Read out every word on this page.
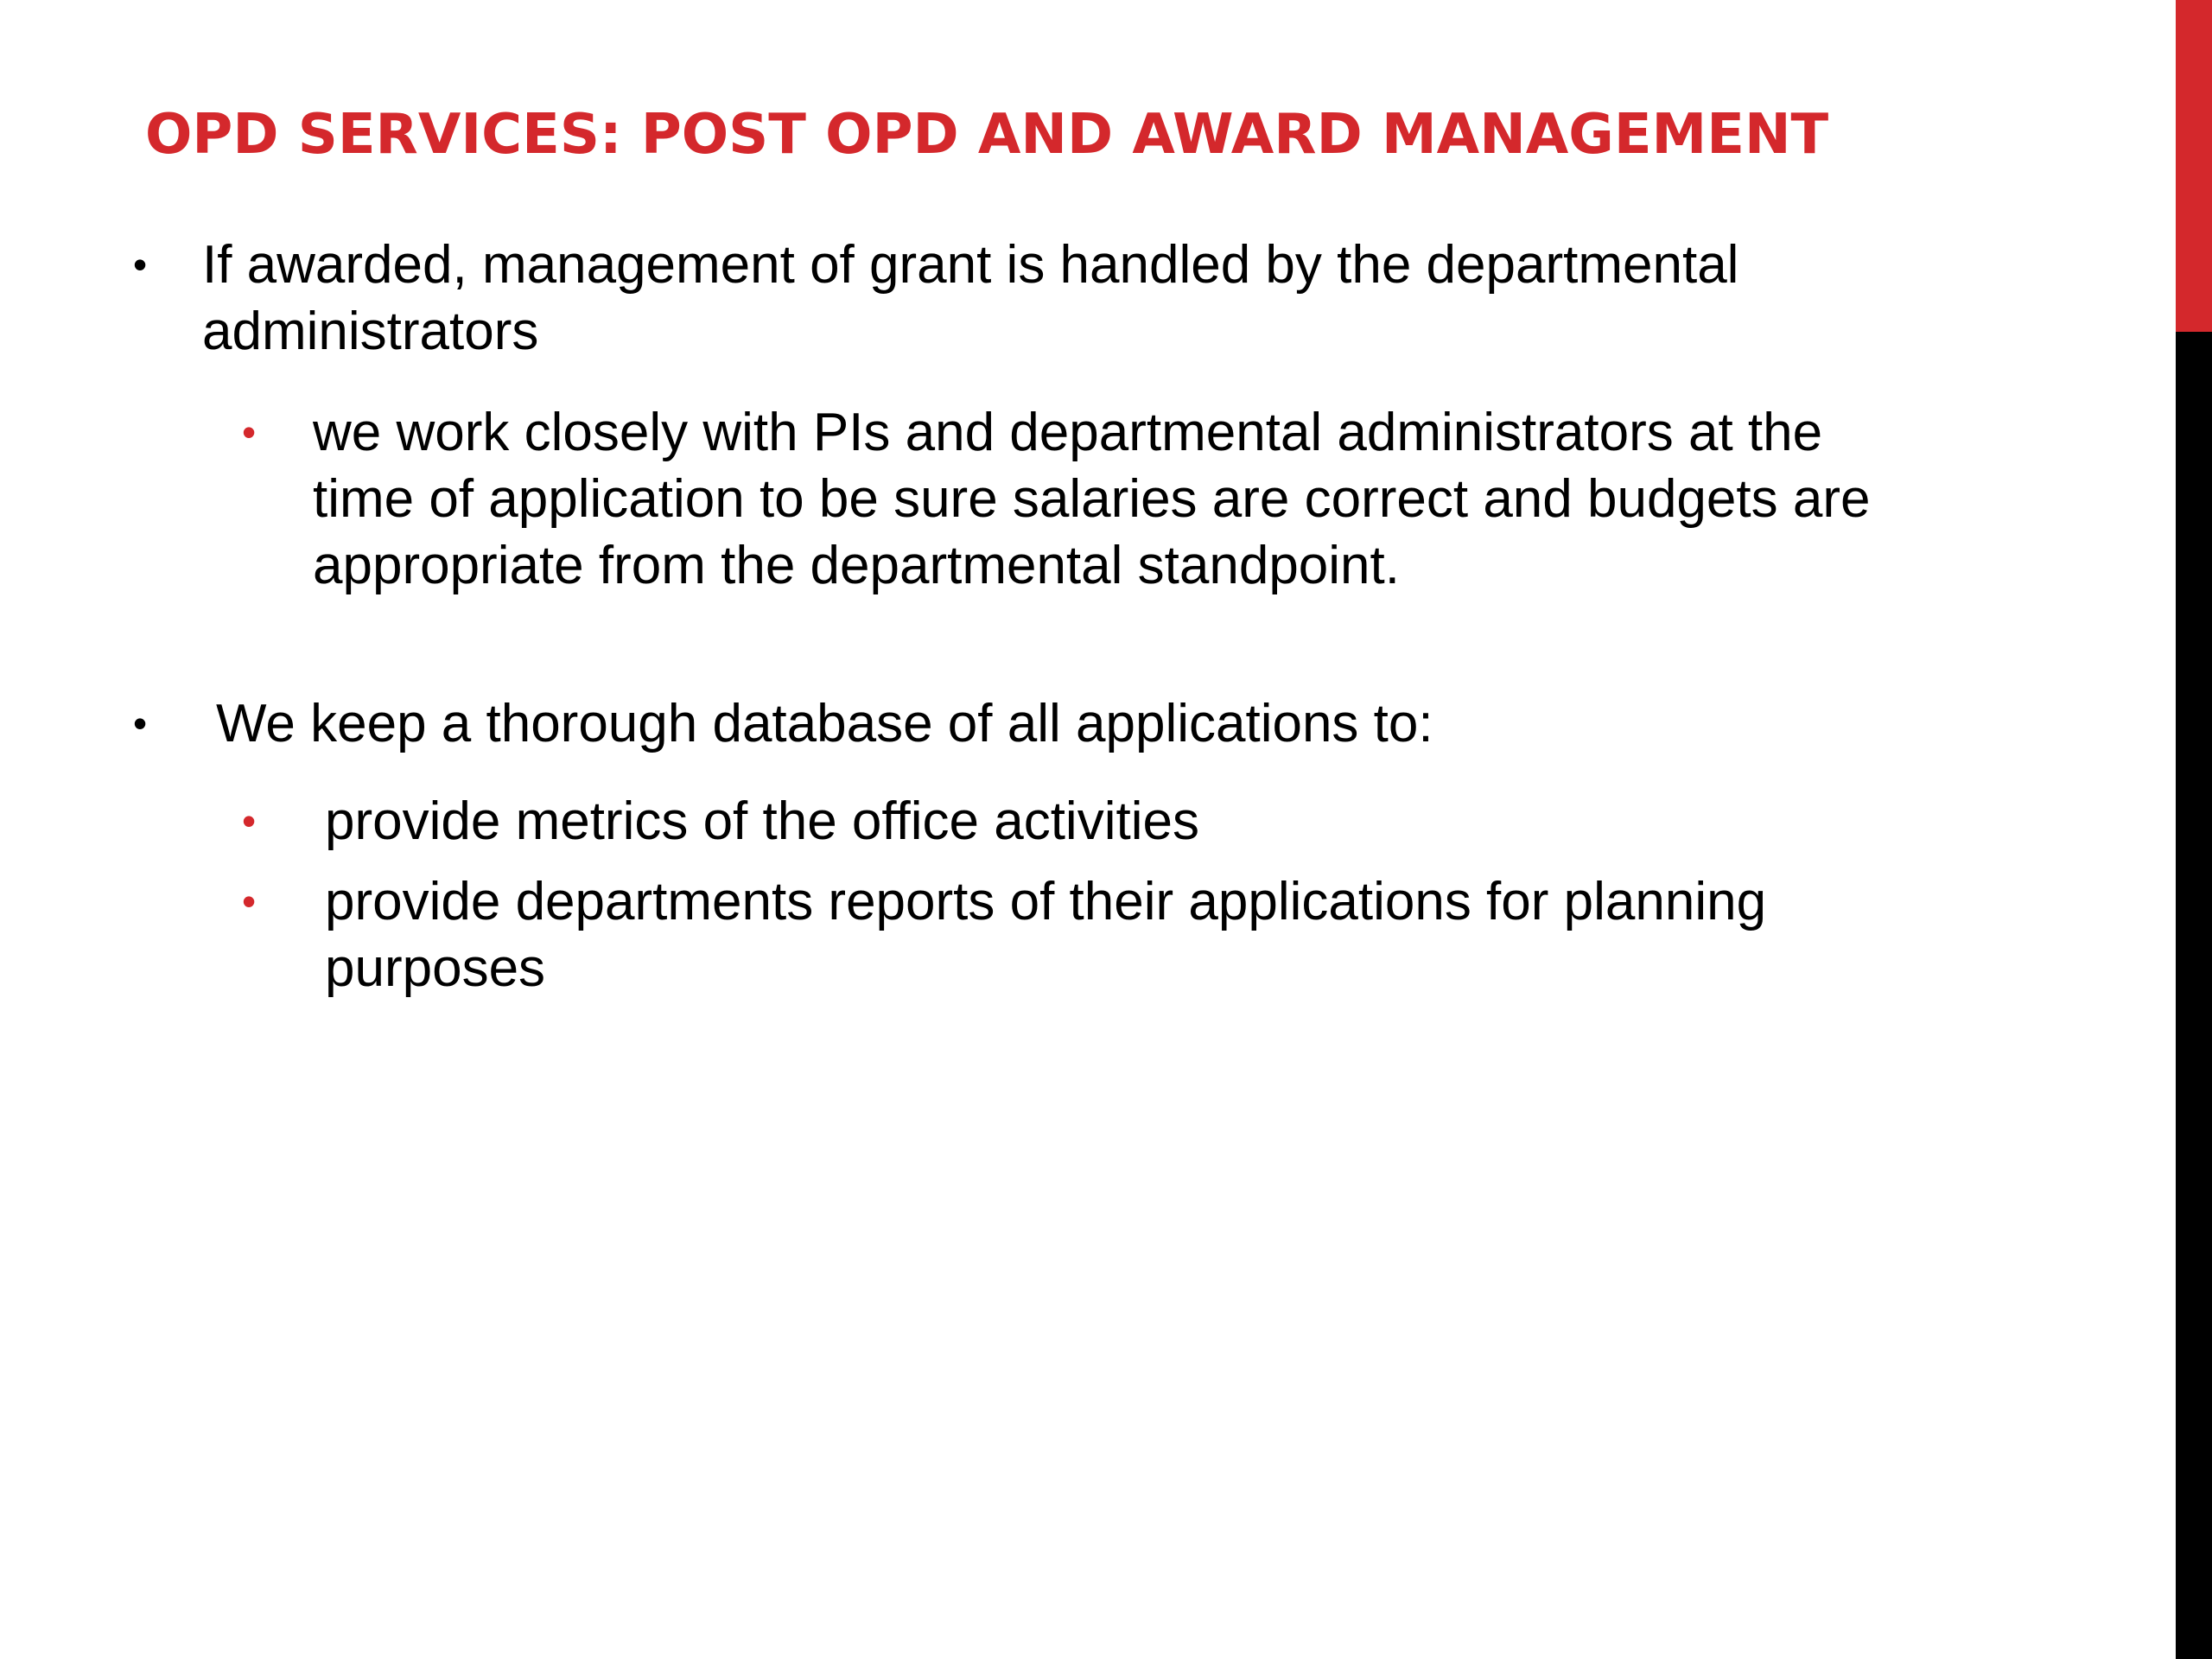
OPD SERVICES: POST OPD AND AWARD MANAGEMENT
• If awarded, management of grant is handled by the departmental administrators
• we work closely with PIs and departmental administrators at the time of application to be sure salaries are correct and budgets are appropriate from the departmental standpoint.
• We keep a thorough database of all applications to:
• provide metrics of the office activities
• provide departments reports of their applications for planning purposes
